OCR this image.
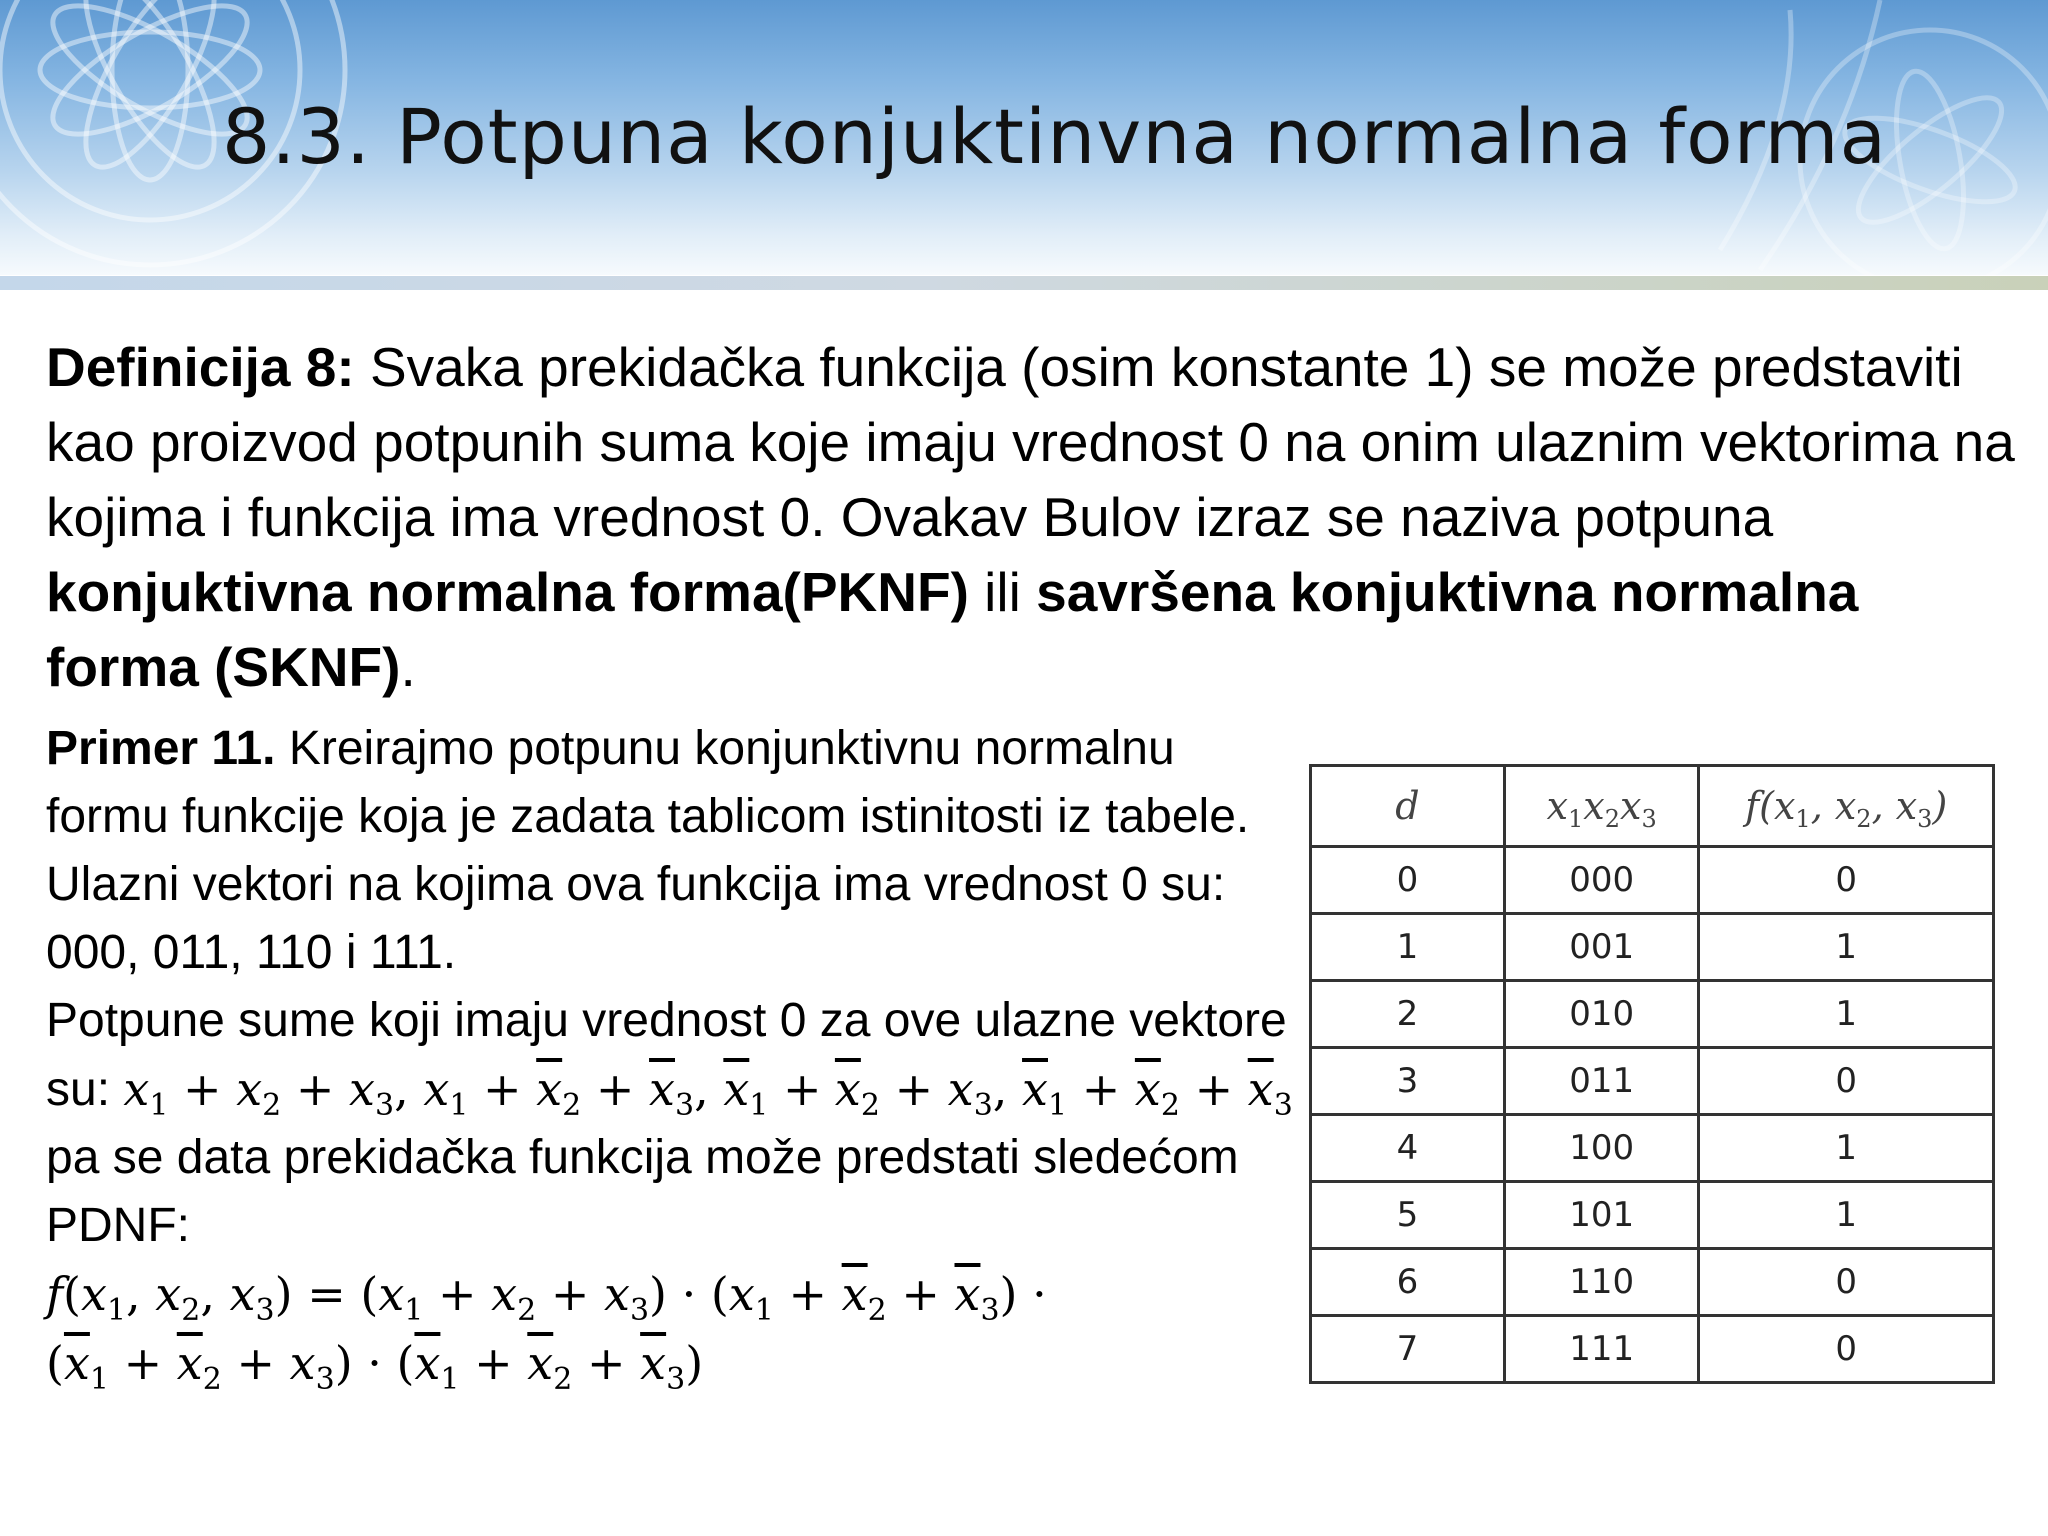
8.3. Potpuna konjuktinvna normalna forma

Definicija 8: Svaka prekidačka funkcija (osim konstante 1) se može predstaviti kao proizvod potpunih suma koje imaju vrednost 0 na onim ulaznim vektorima na kojima i funkcija ima vrednost 0. Ovakav Bulov izraz se naziva potpuna konjuktivna normalna forma(PKNF) ili savršena konjuktivna normalna forma (SKNF).

Primer 11. Kreirajmo potpunu konjunktivnu normalnu formu funkcije koja je zadata tablicom istinitosti iz tabele.
Ulazni vektori na kojima ova funkcija ima vrednost 0 su: 000, 011, 110 i 111.
Potpune sume koji imaju vrednost 0 za ove ulazne vektore su: $x_1 + x_2 + x_3$, $x_1 + \overline{x}_2 + \overline{x}_3$, $\overline{x}_1 + \overline{x}_2 + x_3$, $\overline{x}_1 + \overline{x}_2 + \overline{x}_3$ pa se data prekidačka funkcija može predstati sledećom PDNF:
$f(x_1$, $x_2$, $x_3) = (x_1 + x_2 + x_3) \cdot (x_1 + \overline{x}_2 + \overline{x}_3)$ ·
$(\overline{x}_1 + \overline{x}_2 + x_3) \cdot (\overline{x}_1 + \overline{x}_2 + \overline{x}_3)$

d	$x_1x_2x_3$	$f(x_1$, $x_2$, $x_3$)
0	000	0
1	001	1
2	010	1
3	011	0
4	100	1
5	101	1
6	110	0
7	111	0
